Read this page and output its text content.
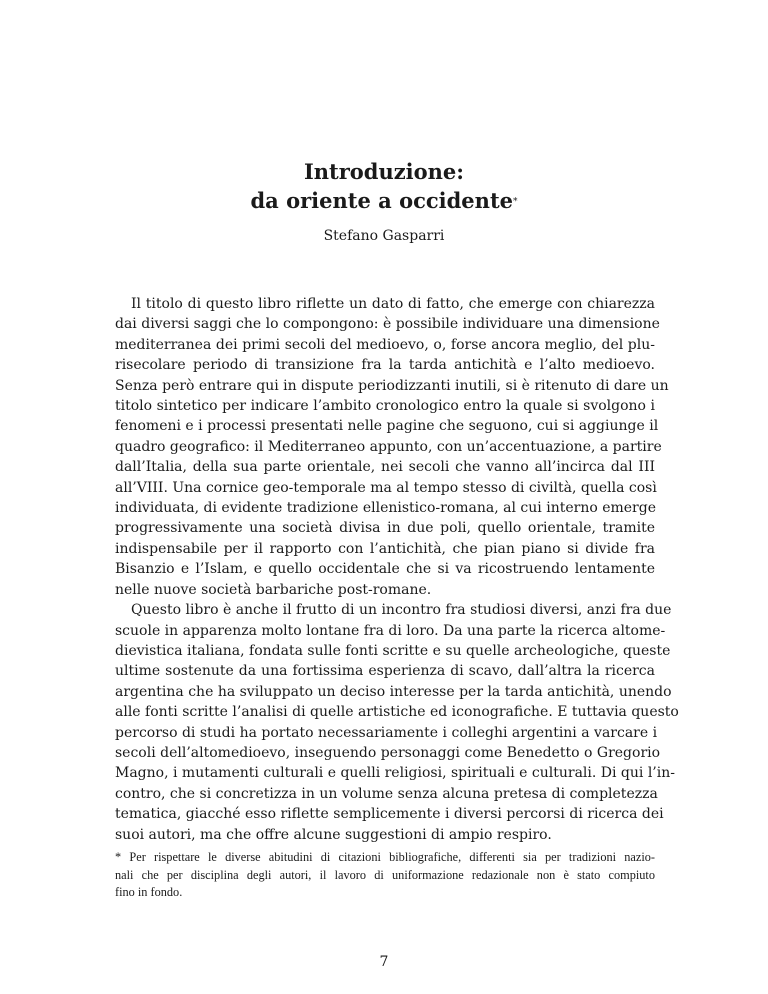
Introduzione:
da oriente a occidente*

Stefano Gasparri

Il titolo di questo libro riflette un dato di fatto, che emerge con chiarezza
dai diversi saggi che lo compongono: è possibile individuare una dimensione
mediterranea dei primi secoli del medioevo, o, forse ancora meglio, del plu-
risecolare periodo di transizione fra la tarda antichità e l’alto medioevo.
Senza però entrare qui in dispute periodizzanti inutili, si è ritenuto di dare un
titolo sintetico per indicare l’ambito cronologico entro la quale si svolgono i
fenomeni e i processi presentati nelle pagine che seguono, cui si aggiunge il
quadro geografico: il Mediterraneo appunto, con un’accentuazione, a partire
dall’Italia, della sua parte orientale, nei secoli che vanno all’incirca dal III
all’VIII. Una cornice geo-temporale ma al tempo stesso di civiltà, quella così
individuata, di evidente tradizione ellenistico-romana, al cui interno emerge
progressivamente una società divisa in due poli, quello orientale, tramite
indispensabile per il rapporto con l’antichità, che pian piano si divide fra
Bisanzio e l’Islam, e quello occidentale che si va ricostruendo lentamente
nelle nuove società barbariche post-romane.

Questo libro è anche il frutto di un incontro fra studiosi diversi, anzi fra due
scuole in apparenza molto lontane fra di loro. Da una parte la ricerca altome-
dievistica italiana, fondata sulle fonti scritte e su quelle archeologiche, queste
ultime sostenute da una fortissima esperienza di scavo, dall’altra la ricerca
argentina che ha sviluppato un deciso interesse per la tarda antichità, unendo
alle fonti scritte l’analisi di quelle artistiche ed iconografiche. E tuttavia questo
percorso di studi ha portato necessariamente i colleghi argentini a varcare i
secoli dell’altomedioevo, inseguendo personaggi come Benedetto o Gregorio
Magno, i mutamenti culturali e quelli religiosi, spirituali e culturali. Di qui l’in-
contro, che si concretizza in un volume senza alcuna pretesa di completezza
tematica, giacché esso riflette semplicemente i diversi percorsi di ricerca dei
suoi autori, ma che offre alcune suggestioni di ampio respiro.

* Per rispettare le diverse abitudini di citazioni bibliografiche, differenti sia per tradizioni nazio-
nali che per disciplina degli autori, il lavoro di uniformazione redazionale non è stato compiuto
fino in fondo.

7
